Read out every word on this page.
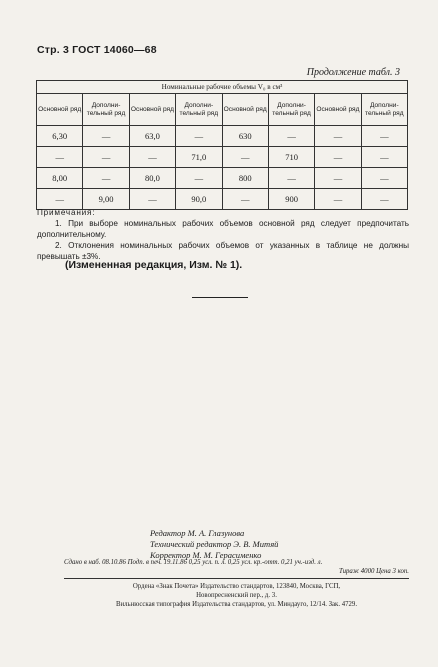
Стр. 3 ГОСТ 14060—68
Продолжение табл. 3
Номинальные рабочие объемы V₀ в см³							
Основной ряд	Дополни-тельный ряд	Основной ряд	Дополни-тельный ряд	Основной ряд	Дополни-тельный ряд	Основной ряд	Дополни-тельный ряд
6,30	—	63,0	—	630	—	—	—
—	—	—	71,0	—	710	—	—
8,00	—	80,0	—	800	—	—	—
—	9,00	—	90,0	—	900	—	—
Примечания:

1. При выборе номинальных рабочих объемов основной ряд следует предпочитать дополнительному.

2. Отклонения номинальных рабочих объемов от указанных в таблице не должны превышать ±3%.

(Измененная редакция, Изм. № 1).
Редактор М. А. Глазунова
Технический редактор Э. В. Митяй
Корректор М. М. Герасименко
Сдано в наб. 08.10.86 Подп. в печ. 19.11.86 0,25 усл. п. л. 0,25 усл. кр.-отт. 0,21 уч.-изд. л.
Тираж 4000 Цена 3 коп.
Ордена «Знак Почета» Издательство стандартов, 123840, Москва, ГСП,
Новопресненский пер., д. 3.
Вильнюсская типография Издательства стандартов, ул. Миндауго, 12/14. Зак. 4729.
